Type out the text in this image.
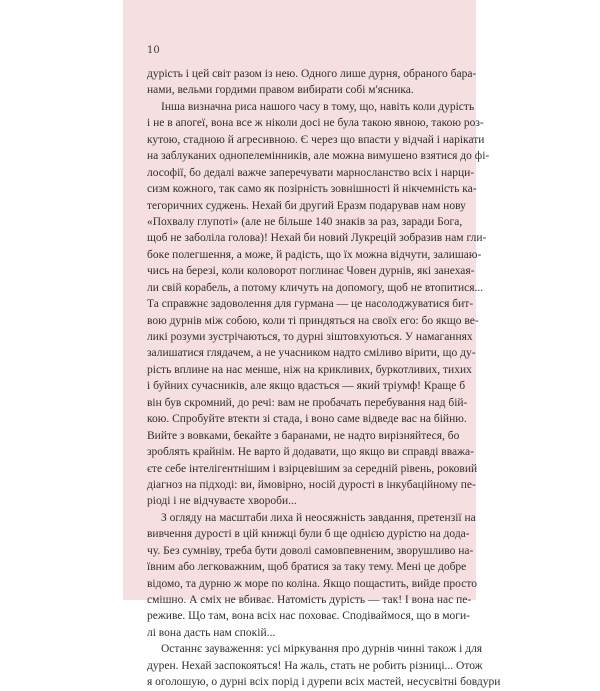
10
дурість і цей світ разом із нею. Одного лише дурня, обраного бара-
нами, вельми гордими правом вибирати собі м'ясника.
Інша визначна риса нашого часу в тому, що, навіть коли дурість
і не в апогеї, вона все ж ніколи досі не була такою явною, такою роз-
кутою, стадною й агресивною. Є через що впасти у відчай і нарікати
на заблуканих однопелемінників, але можна вимушено взятися до фі-
лософії, бо дедалі важче заперечувати марносланство всіх і нарци-
сизм кожного, так само як позірність зовнішності й нікчемність ка-
тегоричних суджень. Нехай би другий Еразм подарував нам нову
«Похвалу глупоті» (але не більше 140 знаків за раз, заради Бога,
щоб не заболіла голова)! Нехай би новий Лукрецій зобразив нам гли-
бокe полегшення, а може, й радість, що їх можна відчути, залишаю-
чись на березі, коли коловорот поглинає Човен дурнів, які занехая-
ли свій корабель, а потому кличуть на допомогу, щоб не втопитися...
Та справжнє задоволення для гурмана — це насолоджуватися бит-
вою дурнів між собою, коли ті приндяться на своїх его: бо якщо ве-
ликі розуми зустрічаються, то дурні зіштовхуються. У намаганнях
залишатися глядачем, а не учасником надто сміливо вірити, що ду-
рість вплине на нас менше, ніж на крикливих, буркотливих, тихих
і буйних сучасників, але якщо вдасться — який тріумф! Краще б
він був скромний, до речі: вам не пробачать перебування над бій-
кою. Спробуйте втекти зі стада, і воно саме відведе вас на бійню.
Вийте з вовками, бекайте з баранами, не надто вирізняйтеся, бо
зроблять крайнім. Не варто й додавати, що якщо ви справді вважа-
єте себе інтелігентнішим і взірцевішим за середній рівень, роковий
діагноз на підході: ви, ймовірно, носій дурості в інкубаційному пе-
ріоді і не відчуваєте хвороби...
З огляду на масштаби лиха й неосяжність завдання, претензії на
вивчення дурості в цій книжці були б ще однією дурістю на дода-
чу. Без сумніву, треба бути доволі самовпевненим, зворушливо на-
ївним або легковажним, щоб братися за таку тему. Мені це добре
відомо, та дурню ж море по коліна. Якщо пощастить, вийде просто
смішно. А сміх не вбиває. Натомість дурість — так! І вона нас пе-
реживе. Що там, вона всіх нас поховає. Сподіваймося, що в моги-
лі вона дасть нам спокій...
Останнє зауваження: усі міркування про дурнів чинні також і для
дурен. Нехай заспокояться! На жаль, стать не робить різниці... Отож
я оголошую, о дурні всіх порід і дурепи всіх мастей, несусвітні бовдури
